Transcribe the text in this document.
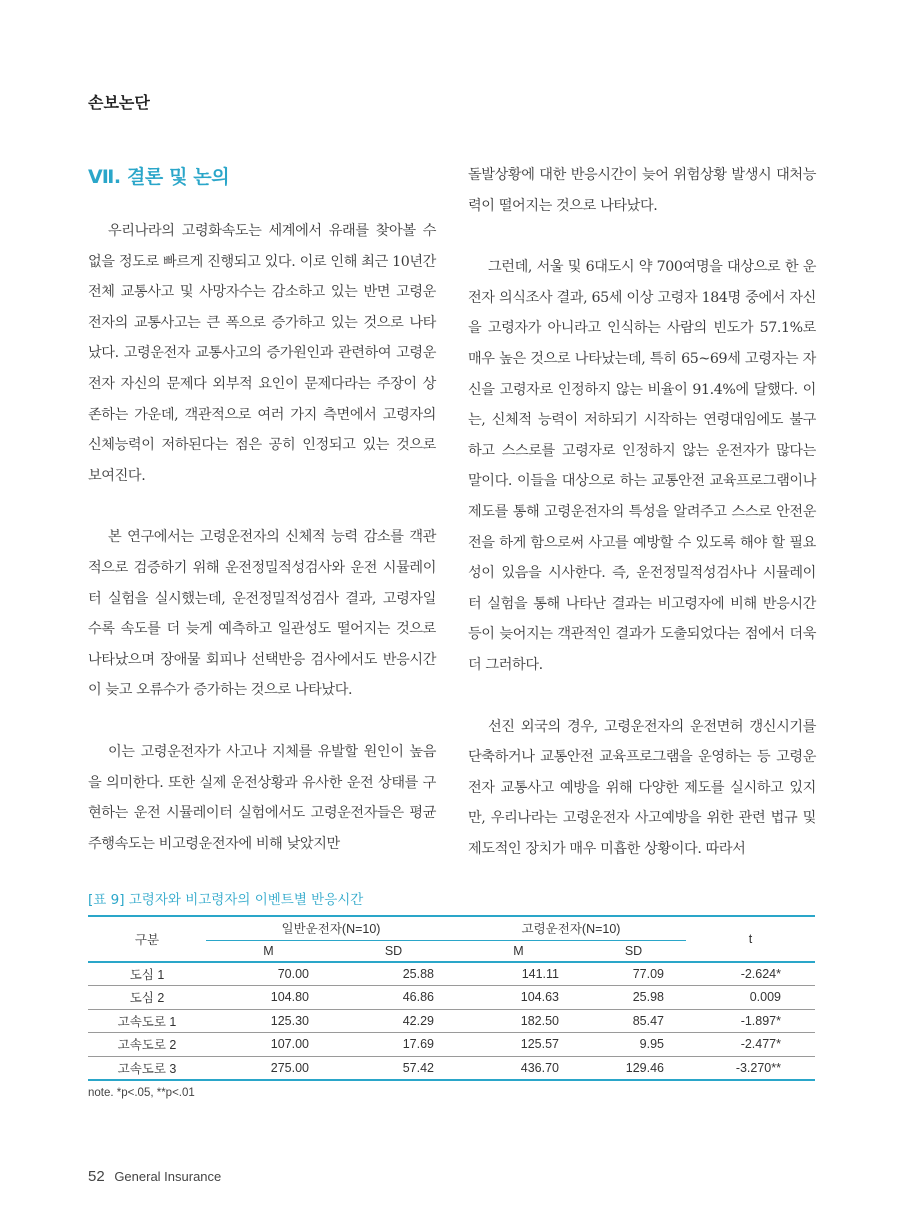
손보논단
Ⅶ. 결론 및 논의

우리나라의 고령화속도는 세계에서 유래를 찾아볼 수 없을 정도로 빠르게 진행되고 있다. 이로 인해 최근 10년간 전체 교통사고 및 사망자수는 감소하고 있는 반면 고령운전자의 교통사고는 큰 폭으로 증가하고 있는 것으로 나타났다. 고령운전자 교통사고의 증가원인과 관련하여 고령운전자 자신의 문제다 외부적 요인이 문제다라는 주장이 상존하는 가운데, 객관적으로 여러 가지 측면에서 고령자의 신체능력이 저하된다는 점은 공히 인정되고 있는 것으로 보여진다.

본 연구에서는 고령운전자의 신체적 능력 감소를 객관적으로 검증하기 위해 운전정밀적성검사와 운전 시뮬레이터 실험을 실시했는데, 운전정밀적성검사 결과, 고령자일수록 속도를 더 늦게 예측하고 일관성도 떨어지는 것으로 나타났으며 장애물 회피나 선택반응 검사에서도 반응시간이 늦고 오류수가 증가하는 것으로 나타났다.

이는 고령운전자가 사고나 지체를 유발할 원인이 높음을 의미한다. 또한 실제 운전상황과 유사한 운전 상태를 구현하는 운전 시뮬레이터 실험에서도 고령운전자들은 평균 주행속도는 비고령운전자에 비해 낮았지만

돌발상황에 대한 반응시간이 늦어 위험상황 발생시 대처능력이 떨어지는 것으로 나타났다.

그런데, 서울 및 6대도시 약 700여명을 대상으로 한 운전자 의식조사 결과, 65세 이상 고령자 184명 중에서 자신을 고령자가 아니라고 인식하는 사람의 빈도가 57.1%로 매우 높은 것으로 나타났는데, 특히 65~69세 고령자는 자신을 고령자로 인정하지 않는 비율이 91.4%에 달했다. 이는, 신체적 능력이 저하되기 시작하는 연령대임에도 불구하고 스스로를 고령자로 인정하지 않는 운전자가 많다는 말이다. 이들을 대상으로 하는 교통안전 교육프로그램이나 제도를 통해 고령운전자의 특성을 알려주고 스스로 안전운전을 하게 함으로써 사고를 예방할 수 있도록 해야 할 필요성이 있음을 시사한다. 즉, 운전정밀적성검사나 시뮬레이터 실험을 통해 나타난 결과는 비고령자에 비해 반응시간 등이 늦어지는 객관적인 결과가 도출되었다는 점에서 더욱더 그러하다.

선진 외국의 경우, 고령운전자의 운전면허 갱신시기를 단축하거나 교통안전 교육프로그램을 운영하는 등 고령운전자 교통사고 예방을 위해 다양한 제도를 실시하고 있지만, 우리나라는 고령운전자 사고예방을 위한 관련 법규 및 제도적인 장치가 매우 미흡한 상황이다. 따라서

[표 9] 고령자와 비고령자의 이벤트별 반응시간
구분	일반운전자(N=10)		고령운전자(N=10)		t
	M	SD	M	SD	
도심 1	70.00	25.88	141.11	77.09	-2.624*
도심 2	104.80	46.86	104.63	25.98	0.009
고속도로 1	125.30	42.29	182.50	85.47	-1.897*
고속도로 2	107.00	17.69	125.57	9.95	-2.477*
고속도로 3	275.00	57.42	436.70	129.46	-3.270**
note. *p<.05, **p<.01
52 General Insurance
